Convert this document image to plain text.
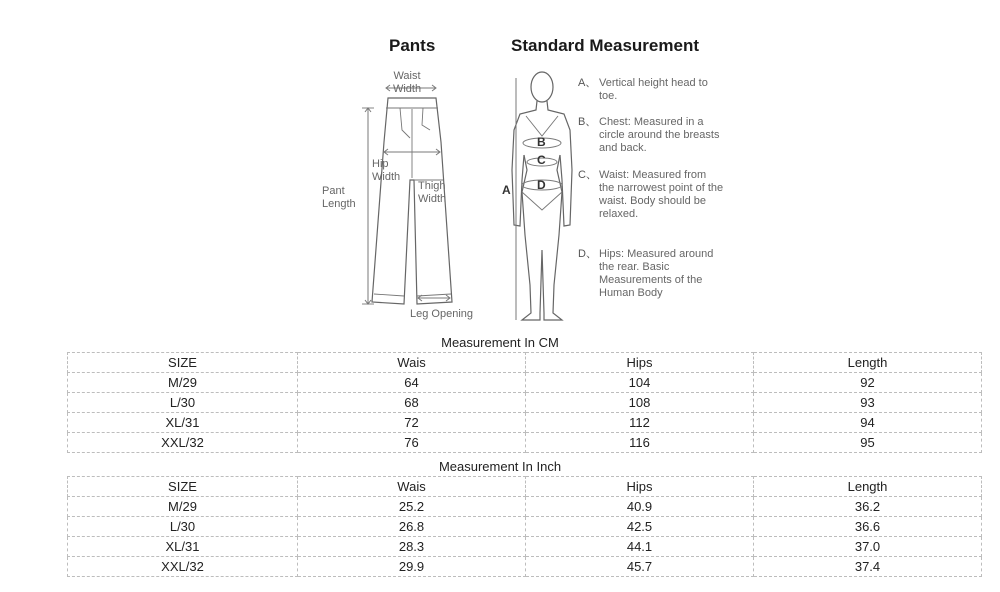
Pants	Standard Measurement
Waist Width
Hip Width
Thigh Width
Pant Length
Leg Opening
A
B
C
D
A、 Vertical height head to toe.
B、 Chest: Measured in a circle around the breasts and back.
C、 Waist: Measured from the narrowest point of the waist. Body should be relaxed.
D、 Hips: Measured around the rear. Basic Measurements of the Human Body
Measurement In CM
SIZE	Wais	Hips	Length
M/29	64	104	92
L/30	68	108	93
XL/31	72	112	94
XXL/32	76	116	95
Measurement In Inch
SIZE	Wais	Hips	Length
M/29	25.2	40.9	36.2
L/30	26.8	42.5	36.6
XL/31	28.3	44.1	37.0
XXL/32	29.9	45.7	37.4
